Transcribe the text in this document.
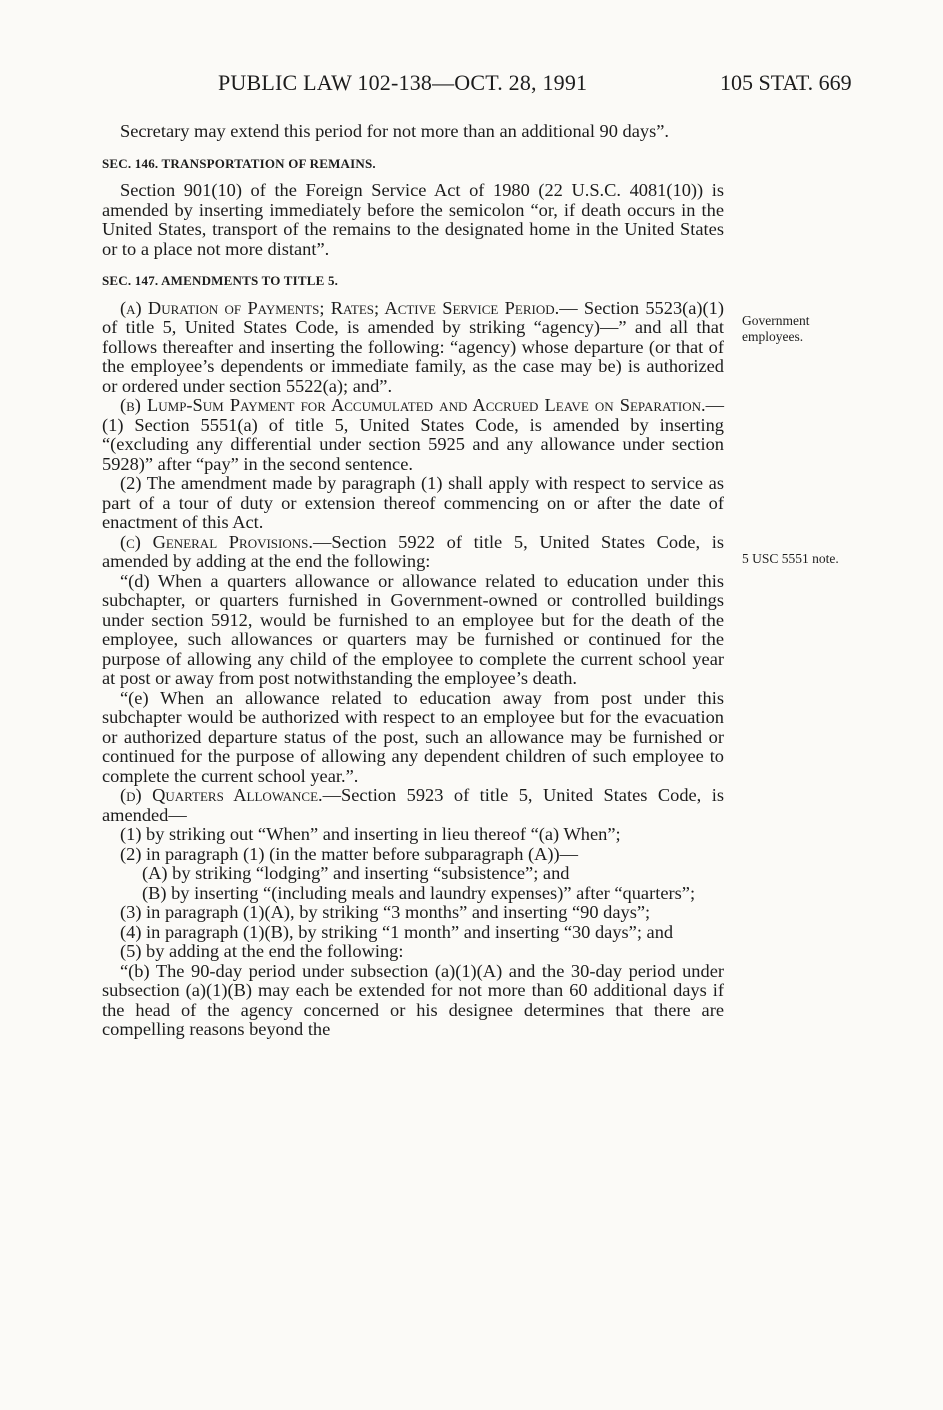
PUBLIC LAW 102-138—OCT. 28, 1991	105 STAT. 669
Government employees.
5 USC 5551 note.

Secretary may extend this period for not more than an additional 90 days”.

SEC. 146. TRANSPORTATION OF REMAINS.

Section 901(10) of the Foreign Service Act of 1980 (22 U.S.C. 4081(10)) is amended by inserting immediately before the semicolon “or, if death occurs in the United States, transport of the remains to the designated home in the United States or to a place not more distant”.

SEC. 147. AMENDMENTS TO TITLE 5.

(a) Duration of Payments; Rates; Active Service Period.— Section 5523(a)(1) of title 5, United States Code, is amended by striking “agency)—” and all that follows thereafter and inserting the following: “agency) whose departure (or that of the employee’s dependents or immediate family, as the case may be) is authorized or ordered under section 5522(a); and”.

(b) Lump-Sum Payment for Accumulated and Accrued Leave on Separation.—(1) Section 5551(a) of title 5, United States Code, is amended by inserting “(excluding any differential under section 5925 and any allowance under section 5928)” after “pay” in the second sentence.

(2) The amendment made by paragraph (1) shall apply with respect to service as part of a tour of duty or extension thereof commencing on or after the date of enactment of this Act.

(c) General Provisions.—Section 5922 of title 5, United States Code, is amended by adding at the end the following:

“(d) When a quarters allowance or allowance related to education under this subchapter, or quarters furnished in Government-owned or controlled buildings under section 5912, would be furnished to an employee but for the death of the employee, such allowances or quarters may be furnished or continued for the purpose of allowing any child of the employee to complete the current school year at post or away from post notwithstanding the employee’s death.

“(e) When an allowance related to education away from post under this subchapter would be authorized with respect to an employee but for the evacuation or authorized departure status of the post, such an allowance may be furnished or continued for the purpose of allowing any dependent children of such employee to complete the current school year.”.

(d) Quarters Allowance.—Section 5923 of title 5, United States Code, is amended—

(1) by striking out “When” and inserting in lieu thereof “(a) When”;

(2) in paragraph (1) (in the matter before subparagraph (A))—

(A) by striking “lodging” and inserting “subsistence”; and

(B) by inserting “(including meals and laundry expenses)” after “quarters”;

(3) in paragraph (1)(A), by striking “3 months” and inserting “90 days”;

(4) in paragraph (1)(B), by striking “1 month” and inserting “30 days”; and

(5) by adding at the end the following:

“(b) The 90-day period under subsection (a)(1)(A) and the 30-day period under subsection (a)(1)(B) may each be extended for not more than 60 additional days if the head of the agency concerned or his designee determines that there are compelling reasons beyond the
